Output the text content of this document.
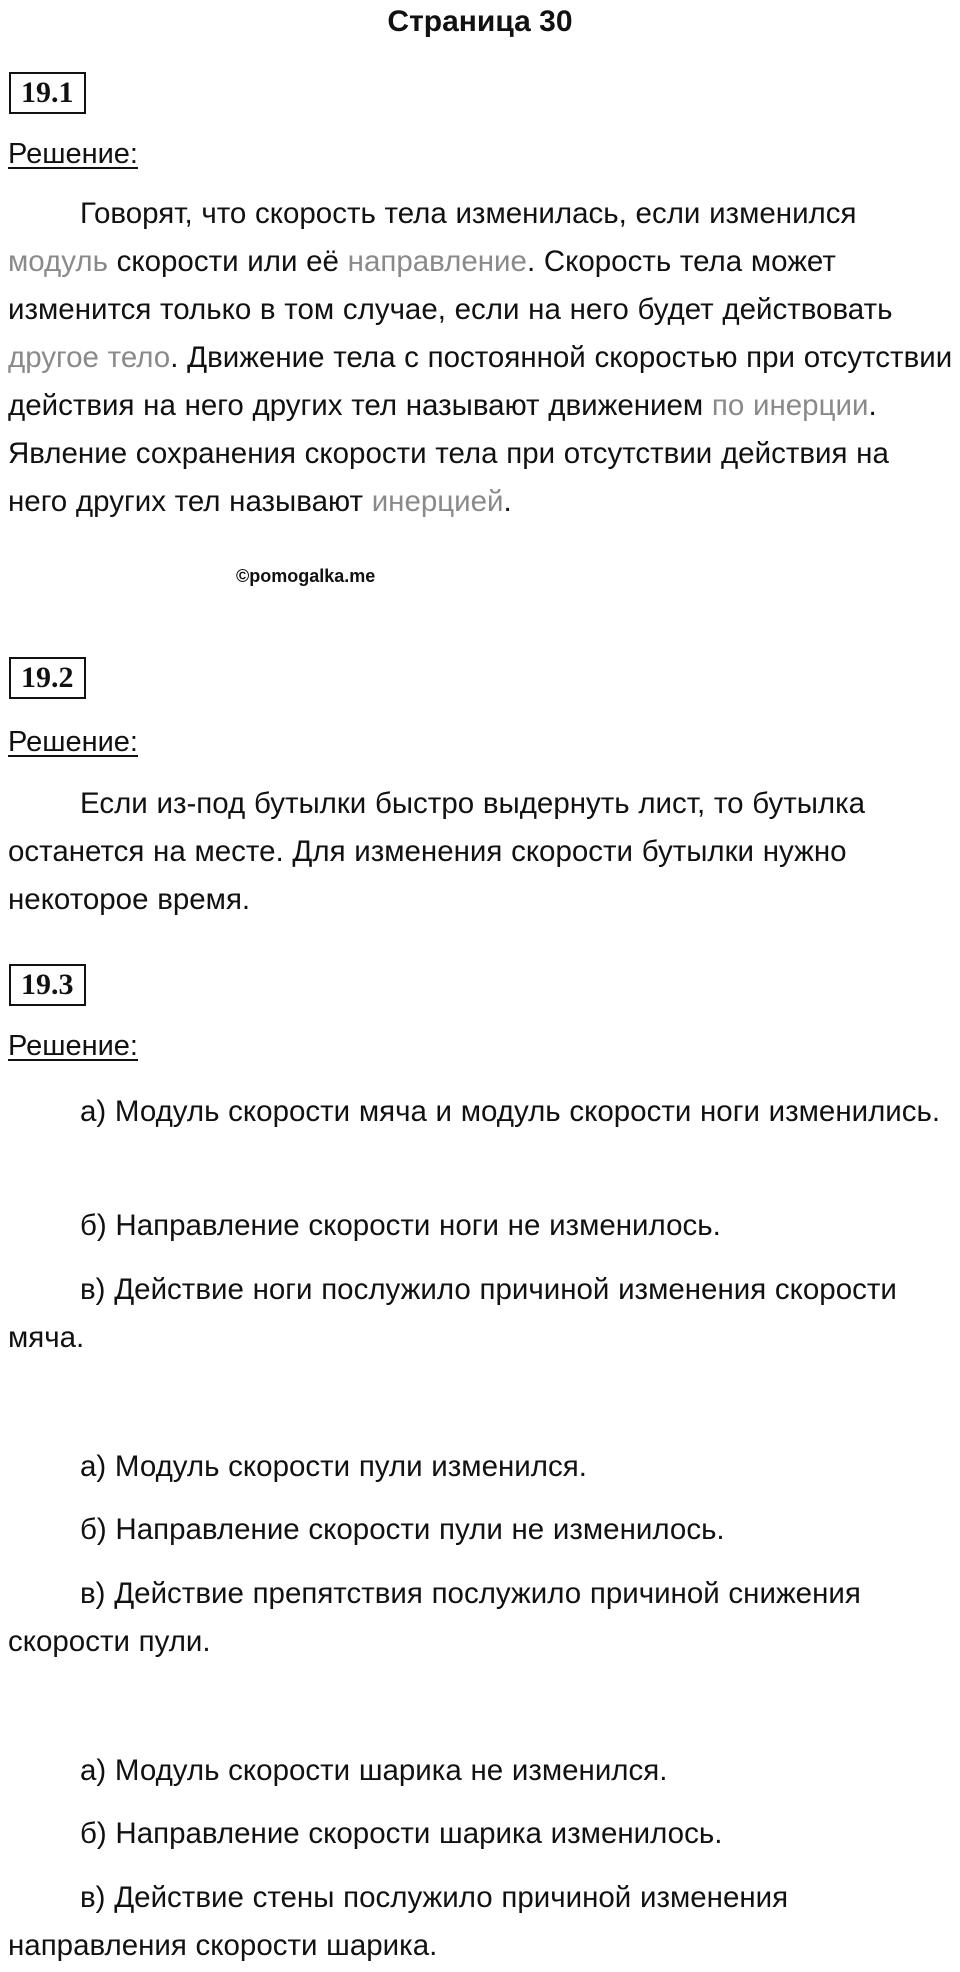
Страница 30
19.1
Решение:

Говорят, что скорость тела изменилась, если изменился модуль скорости или её направление. Скорость тела может изменится только в том случае, если на него будет действовать другое тело. Движение тела с постоянной скоростью при отсутствии действия на него других тел называют движением по инерции. Явление сохранения скорости тела при отсутствии действия на него других тел называют инерцией.

©pomogalka.me
19.2
Решение:

Если из-под бутылки быстро выдернуть лист, то бутылка останется на месте. Для изменения скорости бутылки нужно некоторое время.

19.3
Решение:

а) Модуль скорости мяча и модуль скорости ноги изменились.

б) Направление скорости ноги не изменилось.

в) Действие ноги послужило причиной изменения скорости мяча.

а) Модуль скорости пули изменился.

б) Направление скорости пули не изменилось.

в) Действие препятствия послужило причиной снижения скорости пули.

а) Модуль скорости шарика не изменился.

б) Направление скорости шарика изменилось.

в) Действие стены послужило причиной изменения направления скорости шарика.
